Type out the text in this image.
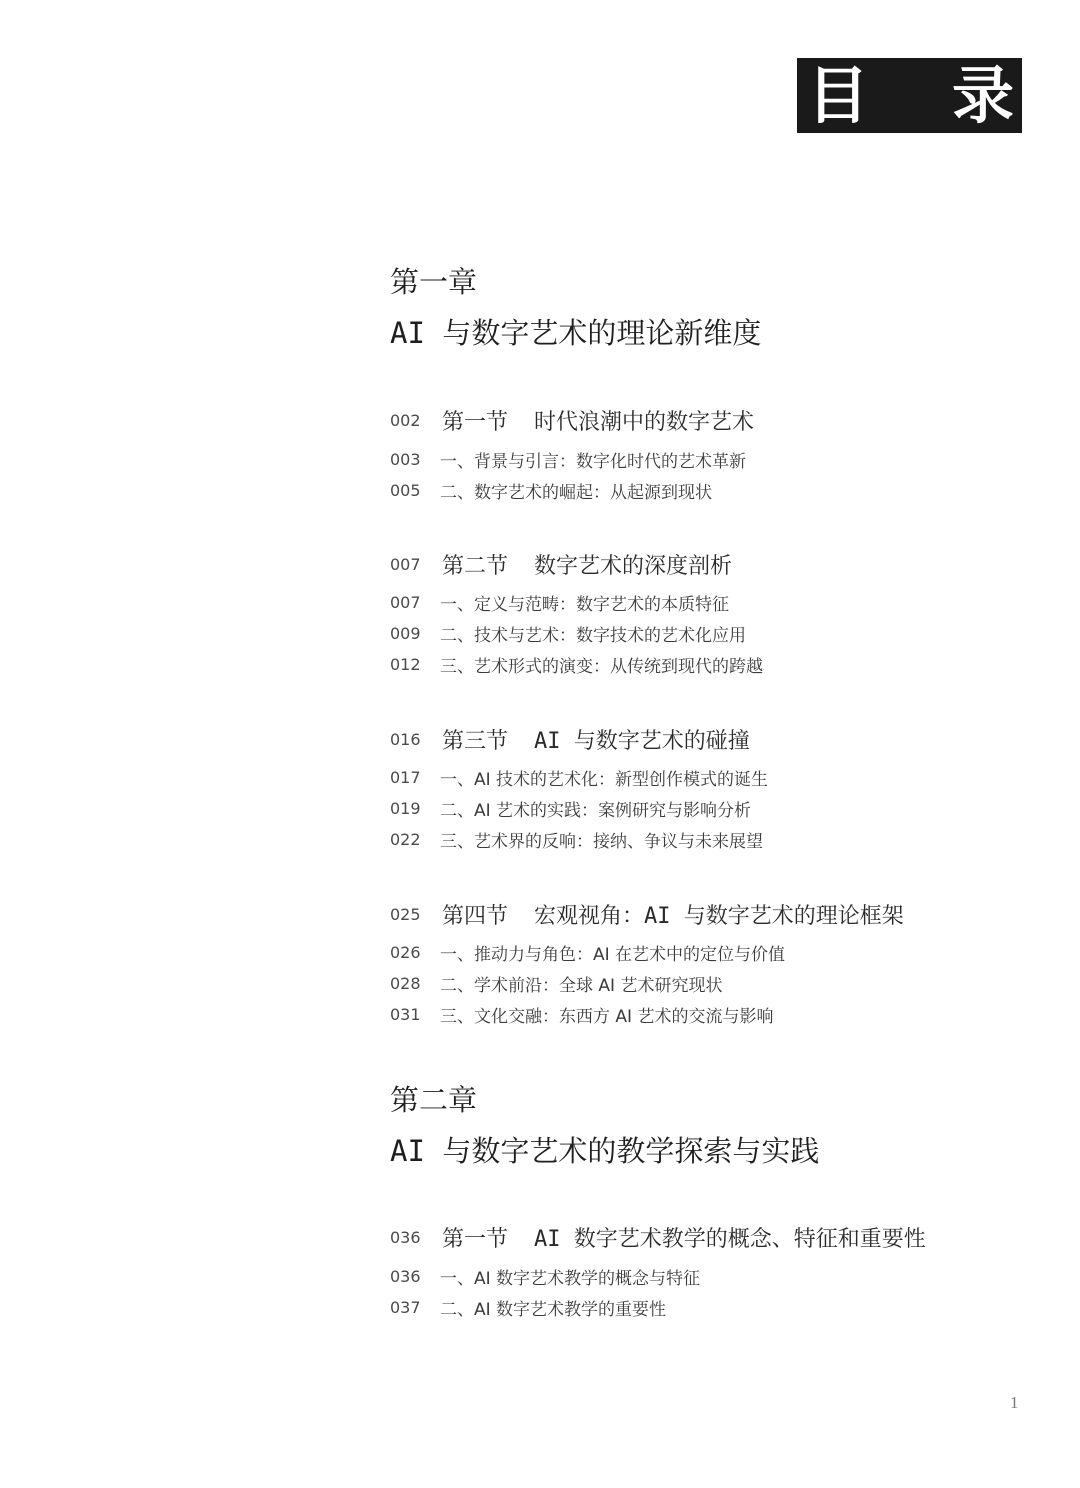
目 录
第一章
AI 与数字艺术的理论新维度
002 第一节	时代浪潮中的数字艺术
003	一、背景与引言：数字化时代的艺术革新
005	二、数字艺术的崛起：从起源到现状
007 第二节	数字艺术的深度剖析
007	一、定义与范畴：数字艺术的本质特征
009	二、技术与艺术：数字技术的艺术化应用
012	三、艺术形式的演变：从传统到现代的跨越
016 第三节	AI 与数字艺术的碰撞
017	一、AI 技术的艺术化：新型创作模式的诞生
019	二、AI 艺术的实践：案例研究与影响分析
022	三、艺术界的反响：接纳、争议与未来展望
025 第四节	宏观视角：AI 与数字艺术的理论框架
026	一、推动力与角色：AI 在艺术中的定位与价值
028	二、学术前沿：全球 AI 艺术研究现状
031	三、文化交融：东西方 AI 艺术的交流与影响
第二章
AI 与数字艺术的教学探索与实践
036 第一节	AI 数字艺术教学的概念、特征和重要性
036	一、AI 数字艺术教学的概念与特征
037	二、AI 数字艺术教学的重要性
1
